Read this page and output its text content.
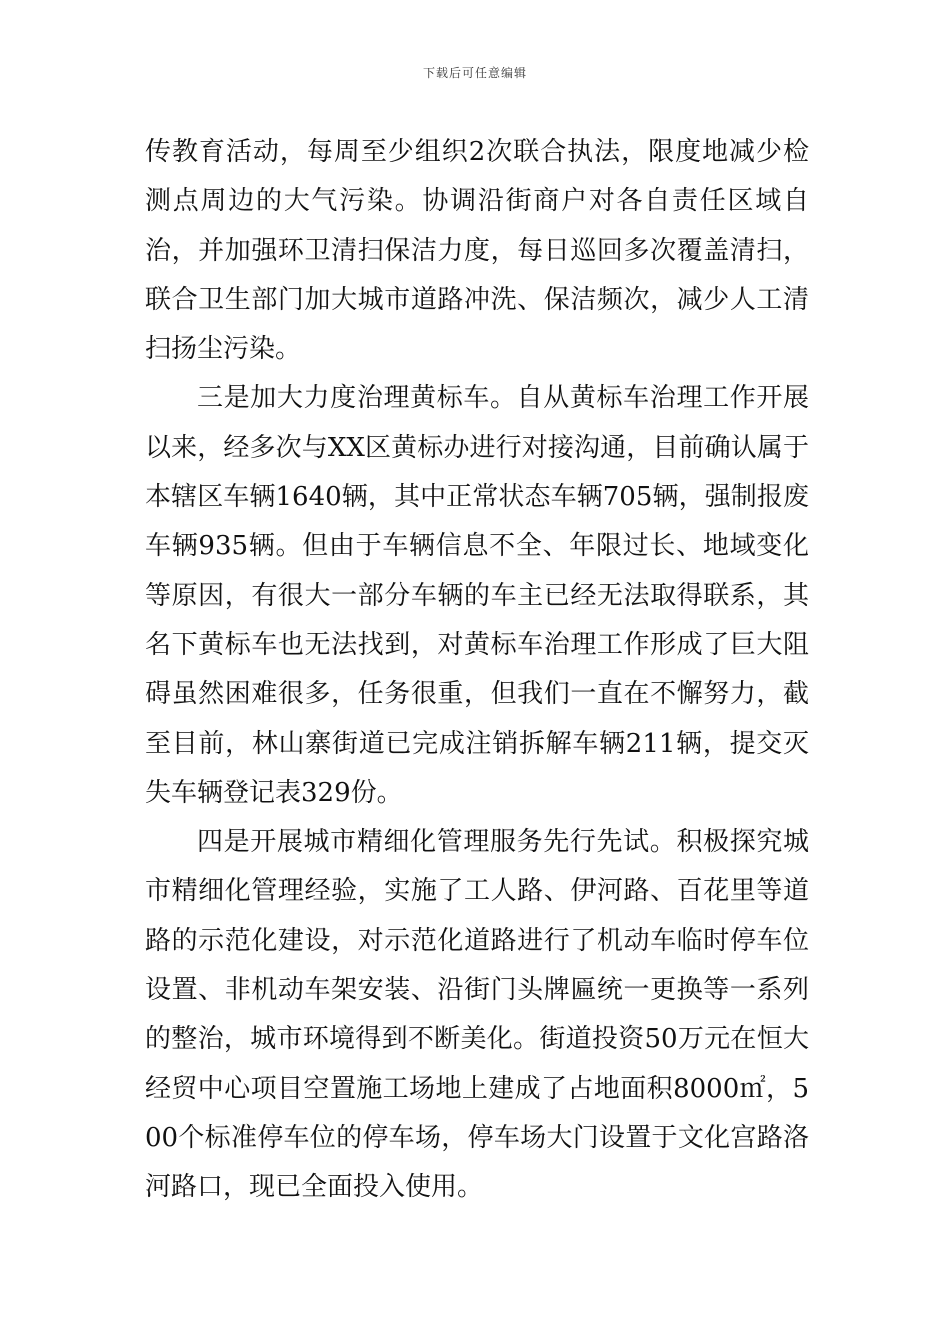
下载后可任意编辑

传教育活动，每周至少组织2次联合执法，限度地减少检测点周边的大气污染。协调沿街商户对各自责任区域自治，并加强环卫清扫保洁力度，每日巡回多次覆盖清扫，联合卫生部门加大城市道路冲洗、保洁频次，减少人工清扫扬尘污染。

三是加大力度治理黄标车。自从黄标车治理工作开展以来，经多次与XX区黄标办进行对接沟通，目前确认属于本辖区车辆1640辆，其中正常状态车辆705辆，强制报废车辆935辆。但由于车辆信息不全、年限过长、地域变化等原因，有很大一部分车辆的车主已经无法取得联系，其名下黄标车也无法找到，对黄标车治理工作形成了巨大阻碍虽然困难很多，任务很重，但我们一直在不懈努力，截至目前，林山寨街道已完成注销拆解车辆211辆，提交灭失车辆登记表329份。

四是开展城市精细化管理服务先行先试。积极探究城市精细化管理经验，实施了工人路、伊河路、百花里等道路的示范化建设，对示范化道路进行了机动车临时停车位设置、非机动车架安装、沿街门头牌匾统一更换等一系列的整治，城市环境得到不断美化。街道投资50万元在恒大经贸中心项目空置施工场地上建成了占地面积8000㎡，500个标准停车位的停车场，停车场大门设置于文化宫路洛河路口，现已全面投入使用。
